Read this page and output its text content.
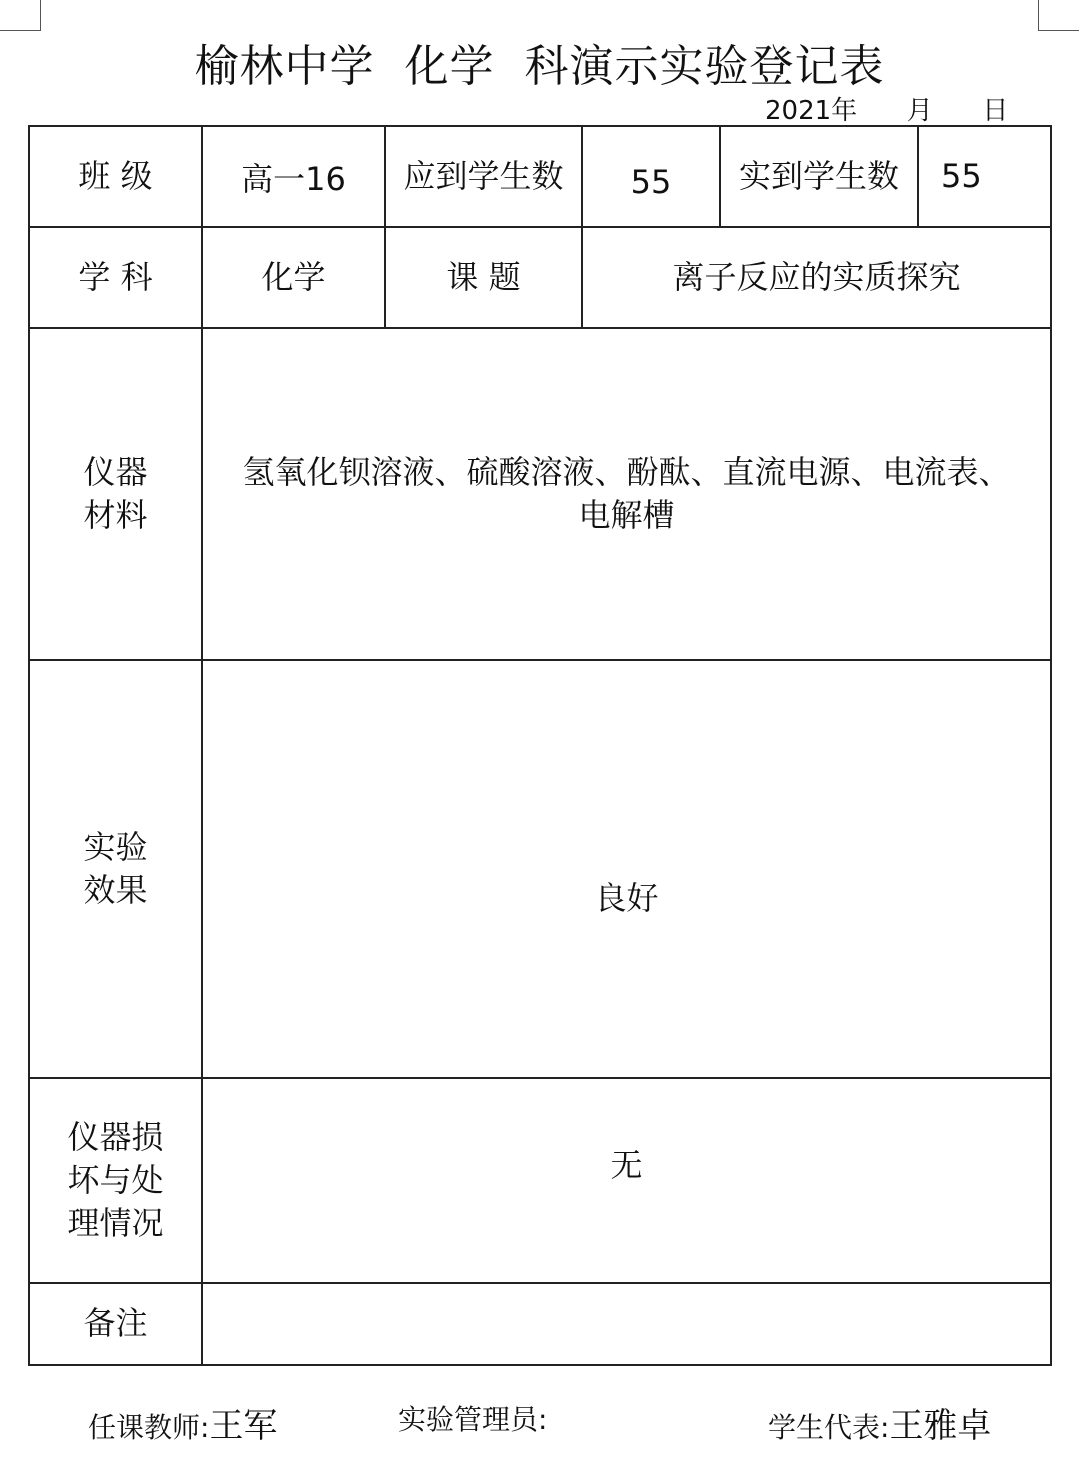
榆林中学  化学  科演示实验登记表
2021年      月      日
班 级	高一16	应到学生数	55	实到学生数	55
学 科	化学	课 题	离子反应的实质探究		

仪器
材料	氢氧化钡溶液、硫酸溶液、酚酞、直流电源、电流表、电解槽				

实验
效果	良好				

仪器损
坏与处
理情况	无				
备注					
任课教师:王军	实验管理员:	学生代表:王雅卓
